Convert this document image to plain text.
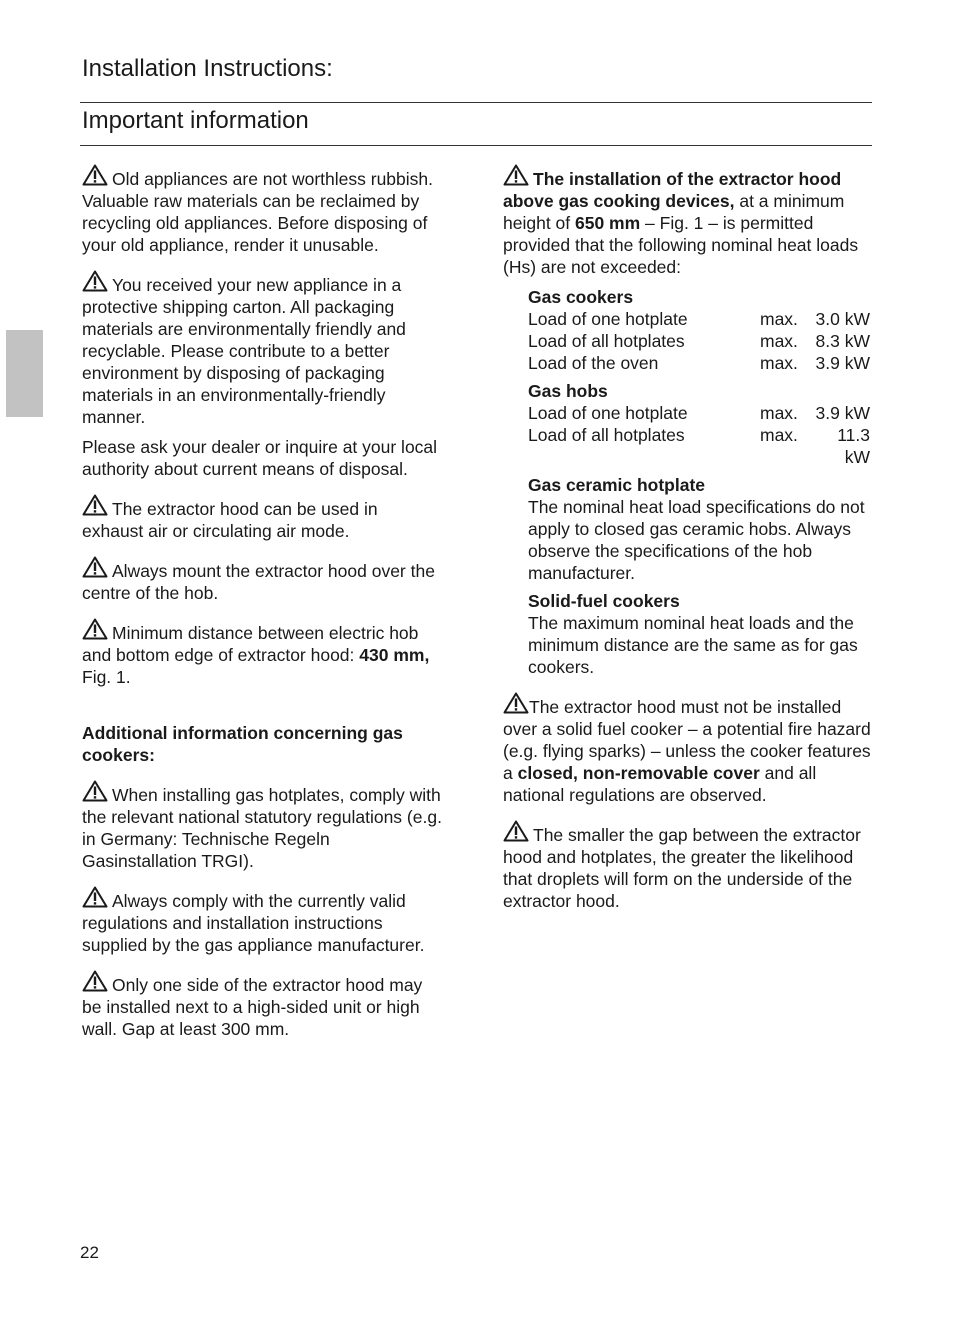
Installation Instructions:
Important information

Old appliances are not worthless rubbish. Valuable raw materials can be reclaimed by recycling old appliances. Before disposing of your old appliance, render it unusable.

You received your new appliance in a protective shipping carton. All packaging materials are environmentally friendly and recyclable. Please contribute to a better environment by disposing of packaging materials in an environmentally-friendly manner.

Please ask your dealer or inquire at your local authority about current means of disposal.

The extractor hood can be used in exhaust air or circulating air mode.

Always mount the extractor hood over the centre of the hob.

Minimum distance between electric hob and bottom edge of extractor hood: 430 mm, Fig. 1.

Additional information concerning gas cookers:

When installing gas hotplates, comply with the relevant national statutory regulations (e.g. in Germany: Technische Regeln Gasinstallation TRGI).

Always comply with the currently valid regulations and installation instructions supplied by the gas appliance manufacturer.

Only one side of the extractor hood may be installed next to a high-sided unit or high wall. Gap at least 300 mm.

The installation of the extractor hood above gas cooking devices, at a minimum height of 650 mm – Fig. 1 – is permitted provided that the following nominal heat loads (Hs) are not exceeded:

Gas cookers
Load of one hotplate	max.	3.0 kW
Load of all hotplates	max.	8.3 kW
Load of the oven	max.	3.9 kW
Gas hobs
Load of one hotplate	max.	3.9 kW
Load of all hotplates	max.	11.3 kW
Gas ceramic hotplate

The nominal heat load specifications do not apply to closed gas ceramic hobs. Always observe the specifications of the hob manufacturer.

Solid-fuel cookers

The maximum nominal heat loads and the minimum distance are the same as for gas cookers.

The extractor hood must not be installed over a solid fuel cooker – a potential fire hazard (e.g. flying sparks) – unless the cooker features a closed, non-removable cover and all national regulations are observed.

The smaller the gap between the extractor hood and hotplates, the greater the likelihood that droplets will form on the underside of the extractor hood.

22
